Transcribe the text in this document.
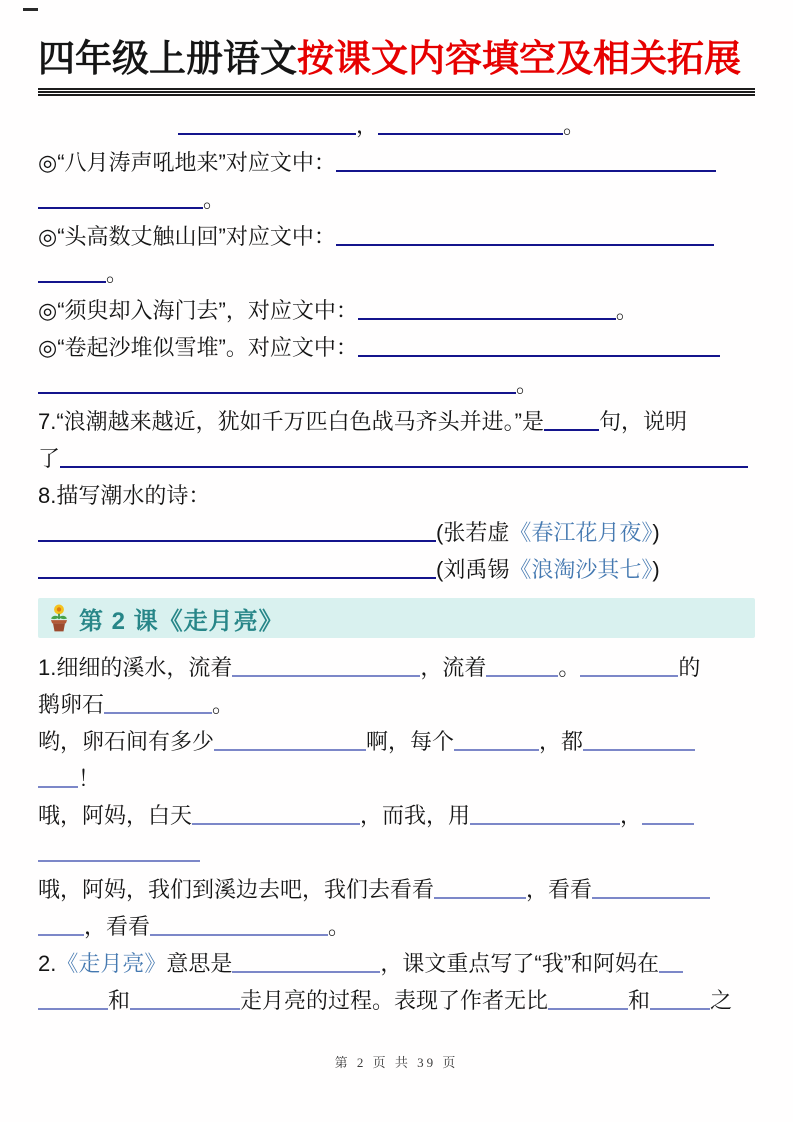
四年级上册语文按课文内容填空及相关拓展

，	。

◎“八月涛声吼地来”对应文中：

。

◎“头高数丈触山回”对应文中：

。

◎“须臾却入海门去”，对应文中：	。

◎“卷起沙堆似雪堆”。对应文中：

。

7.“浪潮越来越近，犹如千万匹白色战马齐头并进。”是	句，说明

了

8.描写潮水的诗：

(张若虚《春江花月夜》)

(刘禹锡《浪淘沙其七》)

第 2 课《走月亮》

1.细细的溪水，流着	，流着	。	的

鹅卵石	。

哟，卵石间有多少	啊，每个	，都

！

哦，阿妈，白天	，而我，用	，

哦，阿妈，我们到溪边去吧，我们去看看	，看看

，看看	。

2.《走月亮》意思是	，课文重点写了“我”和阿妈在

和	走月亮的过程。表现了作者无比	和	之

第 2 页 共 39 页
